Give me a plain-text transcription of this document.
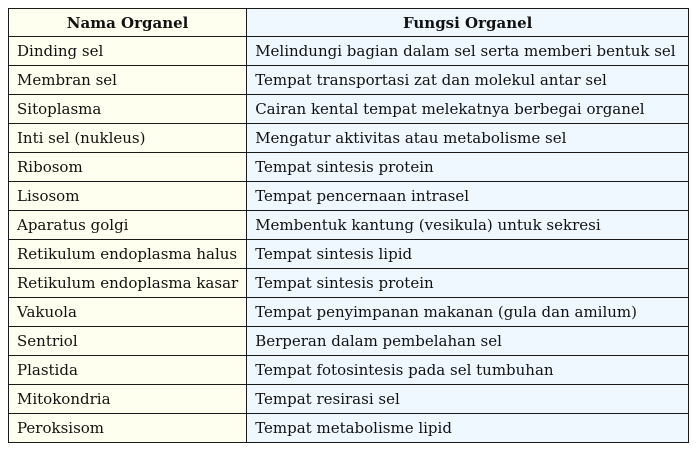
Nama Organel	Fungsi Organel
Dinding sel	Melindungi bagian dalam sel serta memberi bentuk sel
Membran sel	Tempat transportasi zat dan molekul antar sel
Sitoplasma	Cairan kental tempat melekatnya berbegai organel
Inti sel (nukleus)	Mengatur aktivitas atau metabolisme sel
Ribosom	Tempat sintesis protein
Lisosom	Tempat pencernaan intrasel
Aparatus golgi	Membentuk kantung (vesikula) untuk sekresi
Retikulum endoplasma halus	Tempat sintesis lipid
Retikulum endoplasma kasar	Tempat sintesis protein
Vakuola	Tempat penyimpanan makanan (gula dan amilum)
Sentriol	Berperan dalam pembelahan sel
Plastida	Tempat fotosintesis pada sel tumbuhan
Mitokondria	Tempat resirasi sel
Peroksisom	Tempat metabolisme lipid
